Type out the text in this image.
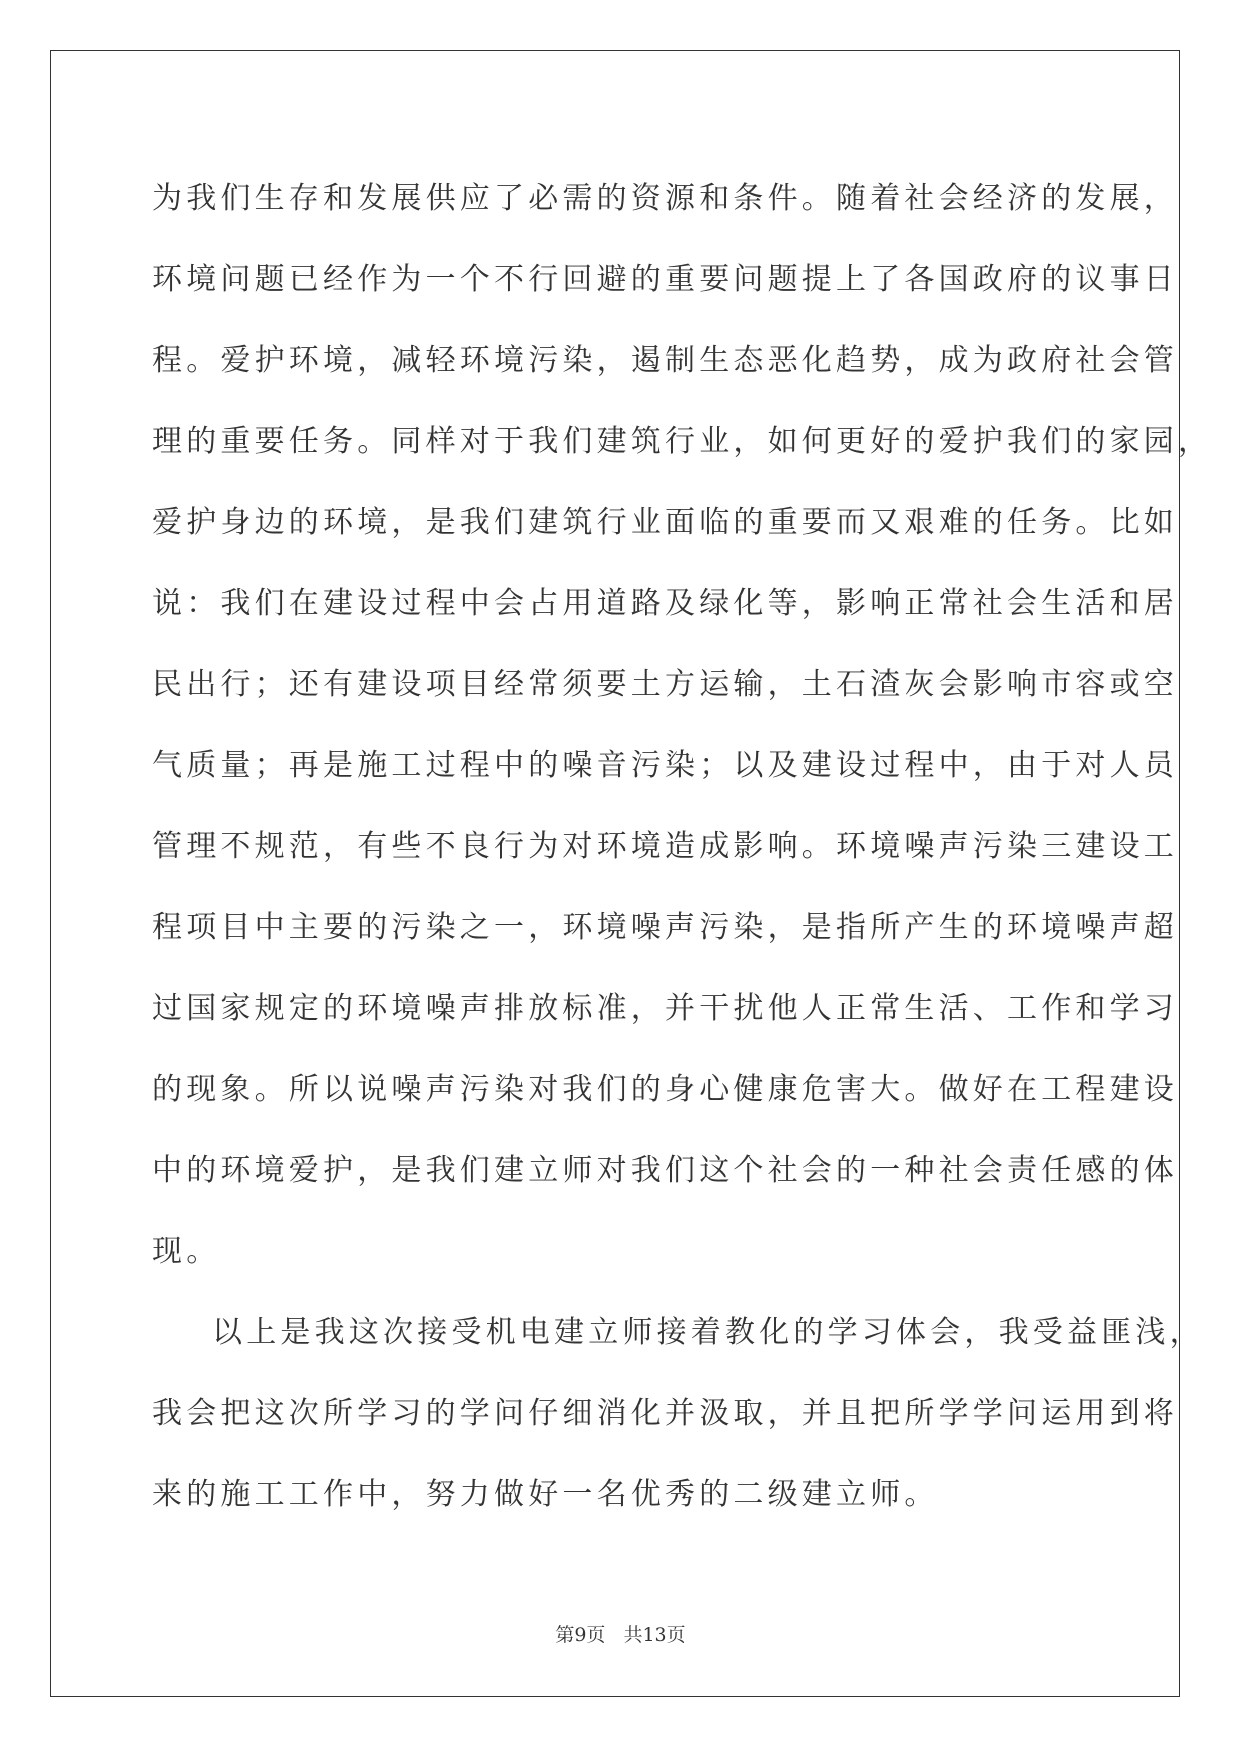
为我们生存和发展供应了必需的资源和条件。随着社会经济的发展，

环境问题已经作为一个不行回避的重要问题提上了各国政府的议事日

程。爱护环境，减轻环境污染，遏制生态恶化趋势，成为政府社会管

理的重要任务。同样对于我们建筑行业，如何更好的爱护我们的家园，

爱护身边的环境，是我们建筑行业面临的重要而又艰难的任务。比如

说：我们在建设过程中会占用道路及绿化等，影响正常社会生活和居

民出行；还有建设项目经常须要土方运输，土石渣灰会影响市容或空

气质量；再是施工过程中的噪音污染；以及建设过程中，由于对人员

管理不规范，有些不良行为对环境造成影响。环境噪声污染三建设工

程项目中主要的污染之一，环境噪声污染，是指所产生的环境噪声超

过国家规定的环境噪声排放标准，并干扰他人正常生活、工作和学习

的现象。所以说噪声污染对我们的身心健康危害大。做好在工程建设

中的环境爱护，是我们建立师对我们这个社会的一种社会责任感的体

现。

以上是我这次接受机电建立师接着教化的学习体会，我受益匪浅，

我会把这次所学习的学问仔细消化并汲取，并且把所学学问运用到将

来的施工工作中，努力做好一名优秀的二级建立师。

第9页 共13页
